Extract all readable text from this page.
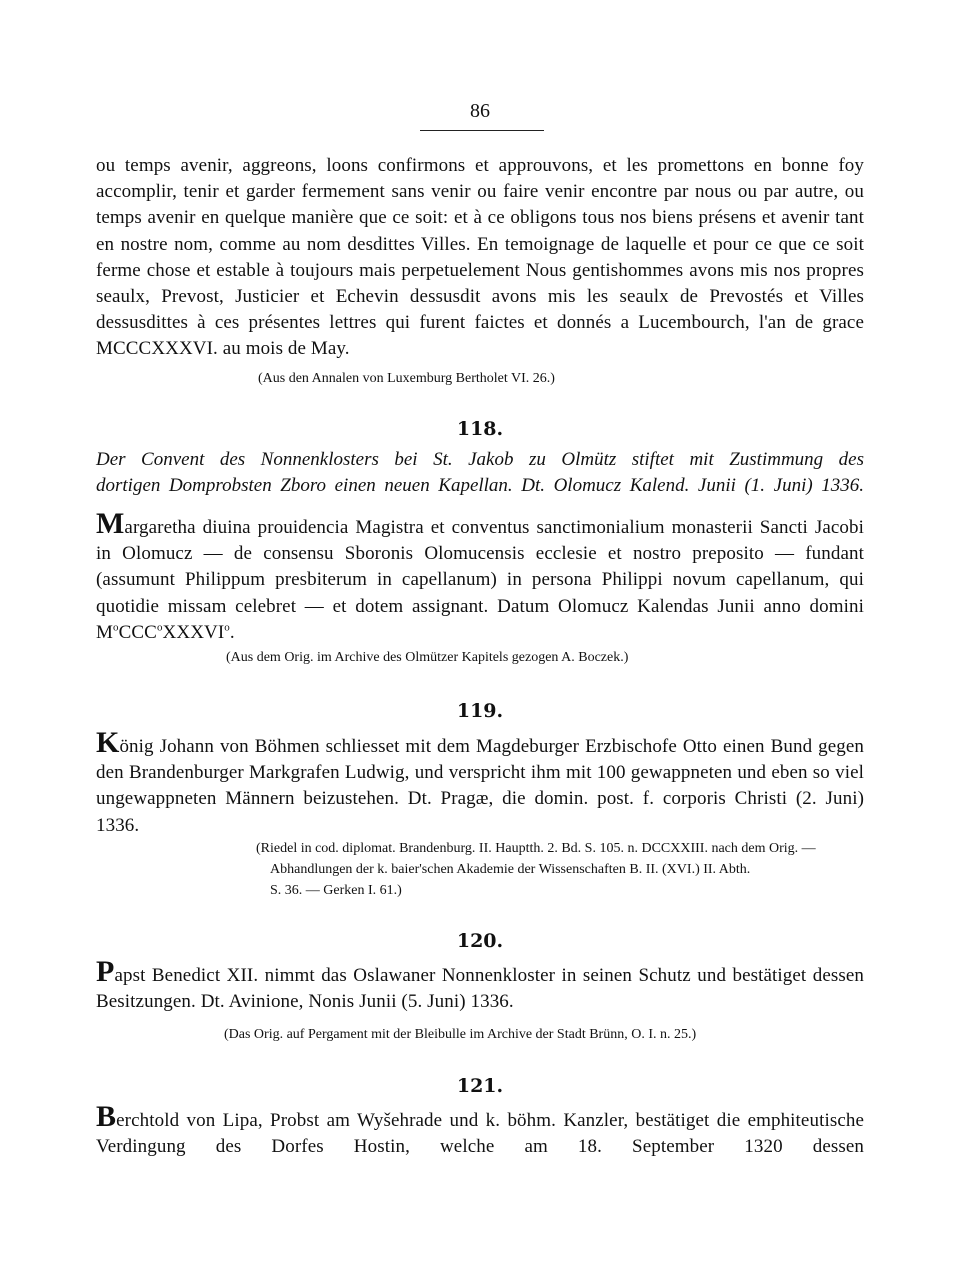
86
ou temps avenir, aggreons, loons confirmons et approuvons, et les promettons en bonne foy accomplir, tenir et garder fermement sans venir ou faire venir encontre par nous ou par autre, ou temps avenir en quelque manière que ce soit: et à ce obligons tous nos biens présens et avenir tant en nostre nom, comme au nom desdittes Villes. En temoignage de laquelle et pour ce que ce soit ferme chose et estable à toujours mais perpetuelement Nous gentishommes avons mis nos propres seaulx, Prevost, Justicier et Echevin dessusdit avons mis les seaulx de Prevostés et Villes dessusdittes à ces présentes lettres qui furent faictes et donnés a Lucembourch, l'an de grace MCCCXXXVI. au mois de May.
(Aus den Annalen von Luxemburg Bertholet VI. 26.)
118.
Der Convent des Nonnenklosters bei St. Jakob zu Olmütz stiftet mit Zustimmung des
dortigen Domprobsten Zboro einen neuen Kapellan. Dt. Olomucz Kalend. Junii (1. Juni) 1336.
Margaretha diuina prouidencia Magistra et conventus sanctimonialium monasterii Sancti Jacobi in Olomucz — de consensu Sboronis Olomucensis ecclesie et nostro preposito — fundant (assumunt Philippum presbiterum in capellanum) in persona Philippi novum capellanum, qui quotidie missam celebret — et dotem assignant. Datum Olomucz Kalendas Junii anno domini $M^oCCC^oXXXVI^o$.
(Aus dem Orig. im Archive des Olmützer Kapitels gezogen A. Boczek.)
119.
König Johann von Böhmen schliesset mit dem Magdeburger Erzbischofe Otto einen Bund gegen den Brandenburger Markgrafen Ludwig, und verspricht ihm mit 100 gewappneten und eben so viel ungewappneten Männern beizustehen. Dt. Pragæ, die domin. post. f. corporis Christi (2. Juni) 1336.
(Riedel in cod. diplomat. Brandenburg. II. Hauptth. 2. Bd. S. 105. n. DCCXXIII. nach dem Orig. —
Abhandlungen der k. baier'schen Akademie der Wissenschaften B. II. (XVI.) II. Abth.
S. 36. — Gerken I. 61.)
120.
Papst Benedict XII. nimmt das Oslawaner Nonnenkloster in seinen Schutz und bestätiget dessen Besitzungen. Dt. Avinione, Nonis Junii (5. Juni) 1336.
(Das Orig. auf Pergament mit der Bleibulle im Archive der Stadt Brünn, O. I. n. 25.)
121.
Berchtold von Lipa, Probst am Wyšehrade und k. böhm. Kanzler, bestätiget die emphiteutische Verdingung des Dorfes Hostin, welche am 18. September 1320 dessen
